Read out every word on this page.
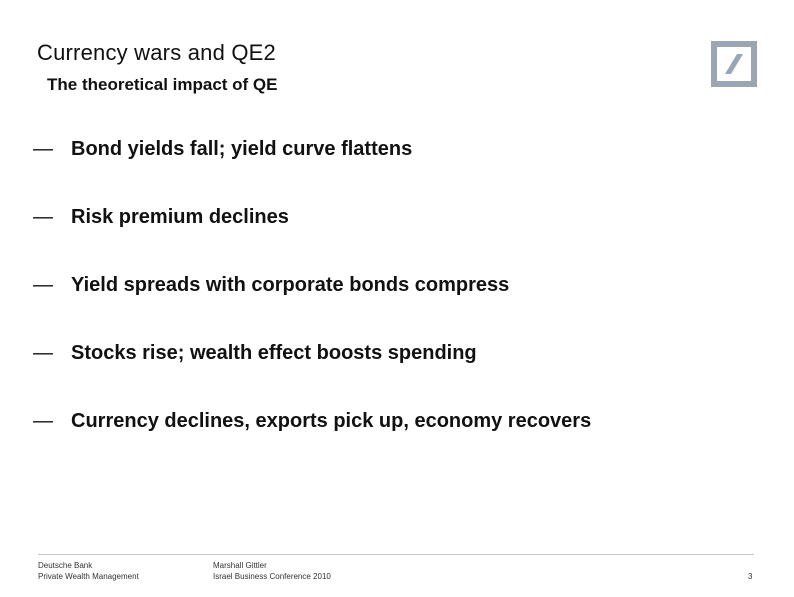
Currency wars and QE2
The theoretical impact of QE
— Bond yields fall; yield curve flattens
— Risk premium declines
— Yield spreads with corporate bonds compress
— Stocks rise; wealth effect boosts spending
— Currency declines, exports pick up, economy recovers
Deutsche Bank
Private Wealth Management
Marshall Gittler
Israel Business Conference 2010	3
